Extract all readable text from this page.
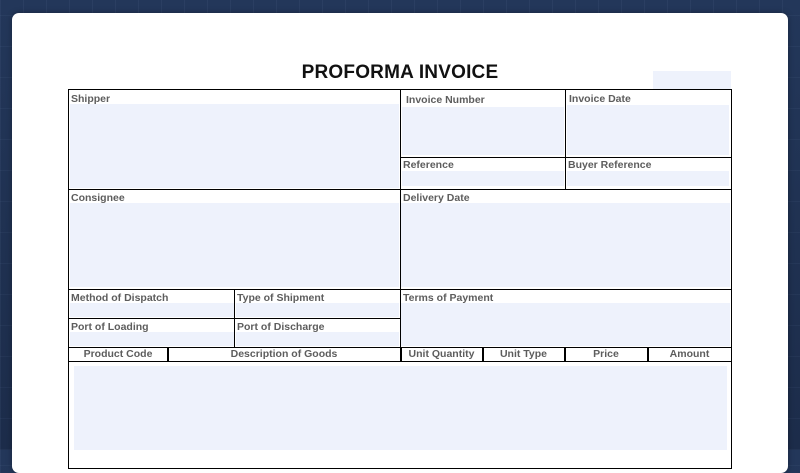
PROFORMA INVOICE
Shipper	Invoice Number	Invoice Date
Reference	Buyer Reference
Consignee	Delivery Date
Method of Dispatch	Type of Shipment	Terms of Payment
Port of Loading	Port of Discharge
Product Code	Description of Goods	Unit Quantity	Unit Type	Price	Amount
